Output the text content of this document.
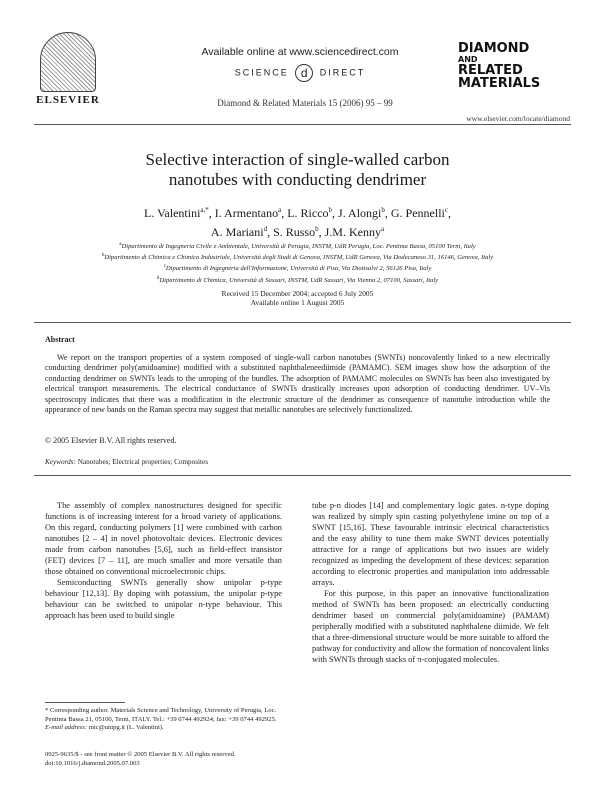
ELSEVIER
Available online at www.sciencedirect.com
SCIENCE d DIRECT
Diamond & Related Materials 15 (2006) 95 – 99
DIAMOND
AND
RELATED
MATERIALS
www.elsevier.com/locate/diamond
Selective interaction of single-walled carbon
nanotubes with conducting dendrimer
L. Valentini$^{a,*}$, I. Armentano$^a$, L. Ricco$^b$, J. Alongi$^b$, G. Pennelli$^c$,
A. Mariani$^d$, S. Russo$^b$, J.M. Kenny$^a$
$^a$Dipartimento di Ingegneria Civile e Ambientale, Università di Perugia, INSTM, UdR Perugia, Loc. Pentima Bassa, 05100 Terni, Italy
$^b$Dipartimento di Chimica e Chimica Industriale, Università degli Studi di Genova, INSTM, UdR Genova, Via Dodecaneso 31, 16146, Genova, Italy
$^c$Dipartimento di Ingegneria dell'Informazione, Università di Pisa, Via Diotisalvi 2, 56126 Pisa, Italy
$^d$Dipartimento di Chimica, Università di Sassari, INSTM, UdR Sassari, Via Vienna 2, 07100, Sassari, Italy
Received 15 December 2004; accepted 6 July 2005
Available online 1 August 2005
Abstract
We report on the transport properties of a system composed of single-wall carbon nanotubes (SWNTs) noncovalently linked to a new electrically conducting dendrimer poly(amidoamine) modified with a substituted naphthaleneediimide (PAMAMC). SEM images show how the adsorption of the conducting dendrimer on SWNTs leads to the unroping of the bundles. The adsorption of PAMAMC molecules on SWNTs has been also investigated by electrical transport measurements. The electrical conductance of SWNTs drastically increases upon adsorption of conducting dendrimer. UV–Vis spectroscopy indicates that there was a modification in the electronic structure of the dendrimer as consequence of nanotube introduction while the appearance of new bands on the Raman spectra may suggest that metallic nanotubes are selectively functionalized.
© 2005 Elsevier B.V. All rights reserved.
Keywords: Nanotubes; Electrical properties; Composites

The assembly of complex nanostructures designed for specific functions is of increasing interest for a broad variety of applications. On this regard, conducting polymers [1] were combined with carbon nanotubes [2 – 4] in novel photovoltaic devices. Electronic devices made from carbon nanotubes [5,6], such as field-effect transistor (FET) devices [7 – 11], are much smaller and more versatile than those obtained on conventional microelectronic chips.

Semiconducting SWNTs generally show unipolar p-type behaviour [12,13]. By doping with potassium, the unipolar p-type behaviour can be switched to unipolar n-type behaviour. This approach has been used to build single

tube p-n diodes [14] and complementary logic gates. n-type doping was realized by simply spin casting polyethylene imine on top of a SWNT [15,16]. These favourable intrinsic electrical characteristics and the easy ability to tune them make SWNT devices potentially attractive for a range of applications but two issues are widely recognized as impeding the development of these devices: separation according to electronic properties and manipulation into addressable arrays.

For this purpose, in this paper an innovative functionalization method of SWNTs has been proposed: an electrically conducting dendrimer based on commercial poly(amidoamine) (PAMAM) peripherally modified with a substituted naphthalene diimide. We felt that a three-dimensional structure would be more suitable to afford the pathway for conductivity and allow the formation of noncovalent links with SWNTs through stacks of π-conjugated molecules.

* Corresponding author. Materials Science and Technology, University of Perugia, Loc. Pentima Bassa 21, 05100, Terni, ITALY. Tel.: +39 0744 492924; fax: +39 0744 492925.
E-mail address: mic@unipg.it (L. Valentini).
0925-9635/$ - see front matter © 2005 Elsevier B.V. All rights reserved.
doi:10.1016/j.diamond.2005.07.003
